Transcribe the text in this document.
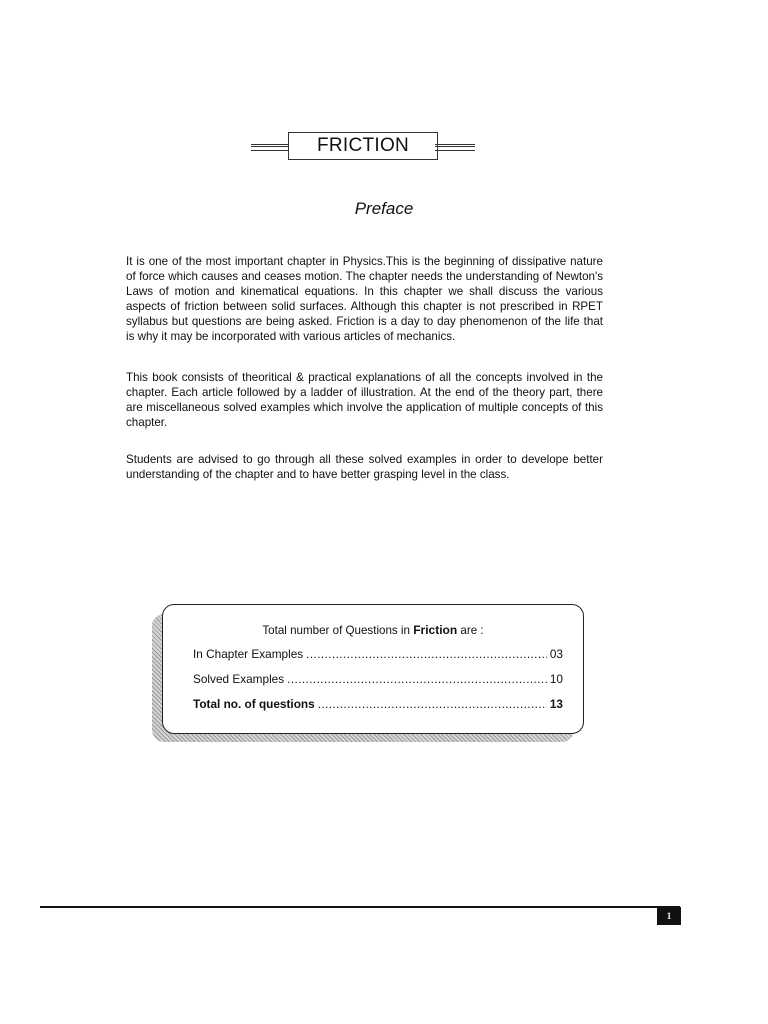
FRICTION
Preface

It is one of the most important chapter in Physics.This is the beginning of dissipative nature of force which causes and ceases motion. The chapter needs the understanding of Newton's Laws of motion and kinematical equations. In this chapter we shall discuss the various aspects of friction between solid surfaces. Although this chapter is not prescribed in RPET syllabus but questions are being asked. Friction is a day to day phenomenon of the life that is why it may be incorporated with various articles of mechanics.

This book consists of theoritical & practical explanations of all the concepts involved in the chapter. Each article followed by a ladder of illustration. At the end of the theory part, there are miscellaneous solved examples which involve the application of multiple concepts of this chapter.

Students are advised to go through all these solved examples in order to develope better understanding of the chapter and to have better grasping level in the class.

Total number of Questions in Friction are :
In Chapter Examples .....	03
Solved Examples .....	10
Total no. of questions .....	13
1
